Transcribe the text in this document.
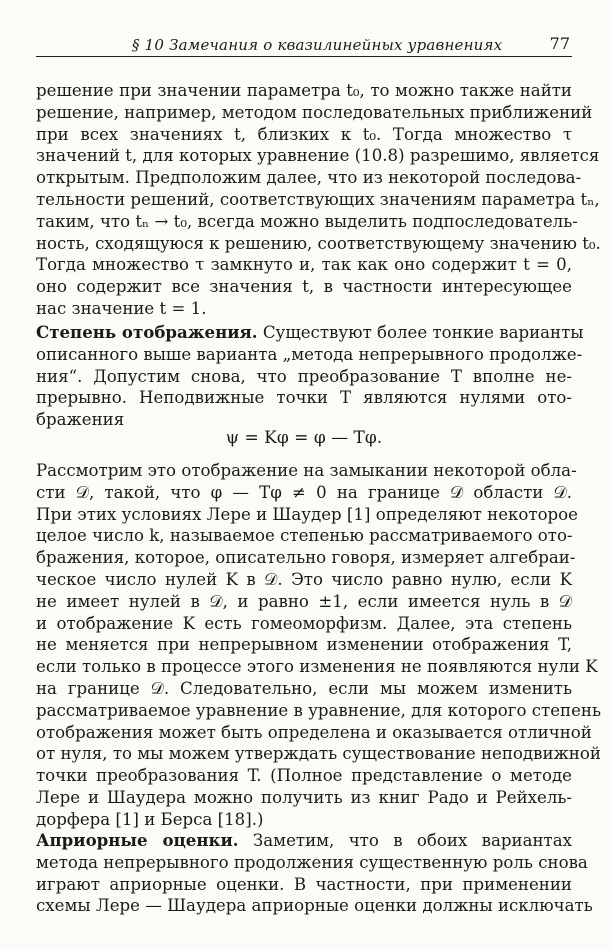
§ 10 Замечания о квазилинейных уравнениях	77
решение при значении параметра t₀, то можно также найти
решение, например, методом последовательных приближений
при всех значениях t, близких к t₀. Тогда множество τ
значений t, для которых уравнение (10.8) разрешимо, является
открытым. Предположим далее, что из некоторой последова-
тельности решений, соответствующих значениям параметра tₙ,
таким, что tₙ → t₀, всегда можно выделить подпоследователь-
ность, сходящуюся к решению, соответствующему значению t₀.
Тогда множество τ замкнуто и, так как оно содержит t = 0,
оно содержит все значения t, в частности интересующее
нас значение t = 1.
Степень отображения. Существуют более тонкие варианты
описанного выше варианта „метода непрерывного продолже-
ния“. Допустим снова, что преобразование T вполне не-
прерывно. Неподвижные точки T являются нулями ото-
бражения
ψ = Kφ = φ — Tφ.
Рассмотрим это отображение на замыкании некоторой обла-
сти 𝒟, такой, что φ — Tφ ≠ 0 на границе 𝒟̇ области 𝒟.
При этих условиях Лере и Шаудер [1] определяют некоторое
целое число k, называемое степенью рассматриваемого ото-
бражения, которое, описательно говоря, измеряет алгебраи-
ческое число нулей K в 𝒟. Это число равно нулю, если K
не имеет нулей в 𝒟, и равно ±1, если имеется нуль в 𝒟
и отображение K есть гомеоморфизм. Далее, эта степень
не меняется при непрерывном изменении отображения T,
если только в процессе этого изменения не появляются нули K
на границе 𝒟. Следовательно, если мы можем изменить
рассматриваемое уравнение в уравнение, для которого степень
отображения может быть определена и оказывается отличной
от нуля, то мы можем утверждать существование неподвижной
точки преобразования T. (Полное представление о методе
Лере и Шаудера можно получить из книг Радо и Рейхель-
дорфера [1] и Берса [18].)
Априорные оценки. Заметим, что в обоих вариантах
метода непрерывного продолжения существенную роль снова
играют априорные оценки. В частности, при применении
схемы Лере — Шаудера априорные оценки должны исключать
